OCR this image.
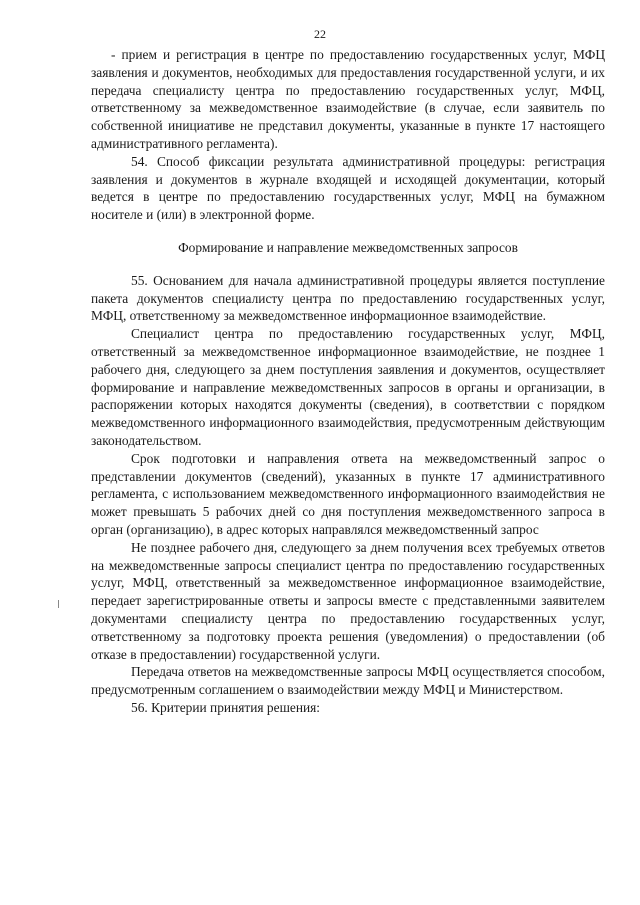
22

- прием и регистрация в центре по предоставлению государственных услуг, МФЦ заявления и документов, необходимых для предоставления государственной услуги, и их передача специалисту центра по предоставлению государственных услуг, МФЦ, ответственному за межведомственное взаимодействие (в случае, если заявитель по собственной инициативе не представил документы, указанные в пункте 17 настоящего административного регламента).

54. Способ фиксации результата административной процедуры: регистрация заявления и документов в журнале входящей и исходящей документации, который ведется в центре по предоставлению государственных услуг, МФЦ на бумажном носителе и (или) в электронной форме.

Формирование и направление межведомственных запросов

55. Основанием для начала административной процедуры является поступление пакета документов специалисту центра по предоставлению государственных услуг, МФЦ, ответственному за межведомственное информационное взаимодействие.

Специалист центра по предоставлению государственных услуг, МФЦ, ответственный за межведомственное информационное взаимодействие, не позднее 1 рабочего дня, следующего за днем поступления заявления и документов, осуществляет формирование и направление межведомственных запросов в органы и организации, в распоряжении которых находятся документы (сведения), в соответствии с порядком межведомственного информационного взаимодействия, предусмотренным действующим законодательством.

Срок подготовки и направления ответа на межведомственный запрос о представлении документов (сведений), указанных в пункте 17 административного регламента, с использованием межведомственного информационного взаимодействия не может превышать 5 рабочих дней со дня поступления межведомственного запроса в орган (организацию), в адрес которых направлялся межведомственный запрос

Не позднее рабочего дня, следующего за днем получения всех требуемых ответов на межведомственные запросы специалист центра по предоставлению государственных услуг, МФЦ, ответственный за межведомственное информационное взаимодействие, передает зарегистрированные ответы и запросы вместе с представленными заявителем документами специалисту центра по предоставлению государственных услуг, ответственному за подготовку проекта решения (уведомления) о предоставлении (об отказе в предоставлении) государственной услуги.

Передача ответов на межведомственные запросы МФЦ осуществляется способом, предусмотренным соглашением о взаимодействии между МФЦ и Министерством.

56. Критерии принятия решения:
